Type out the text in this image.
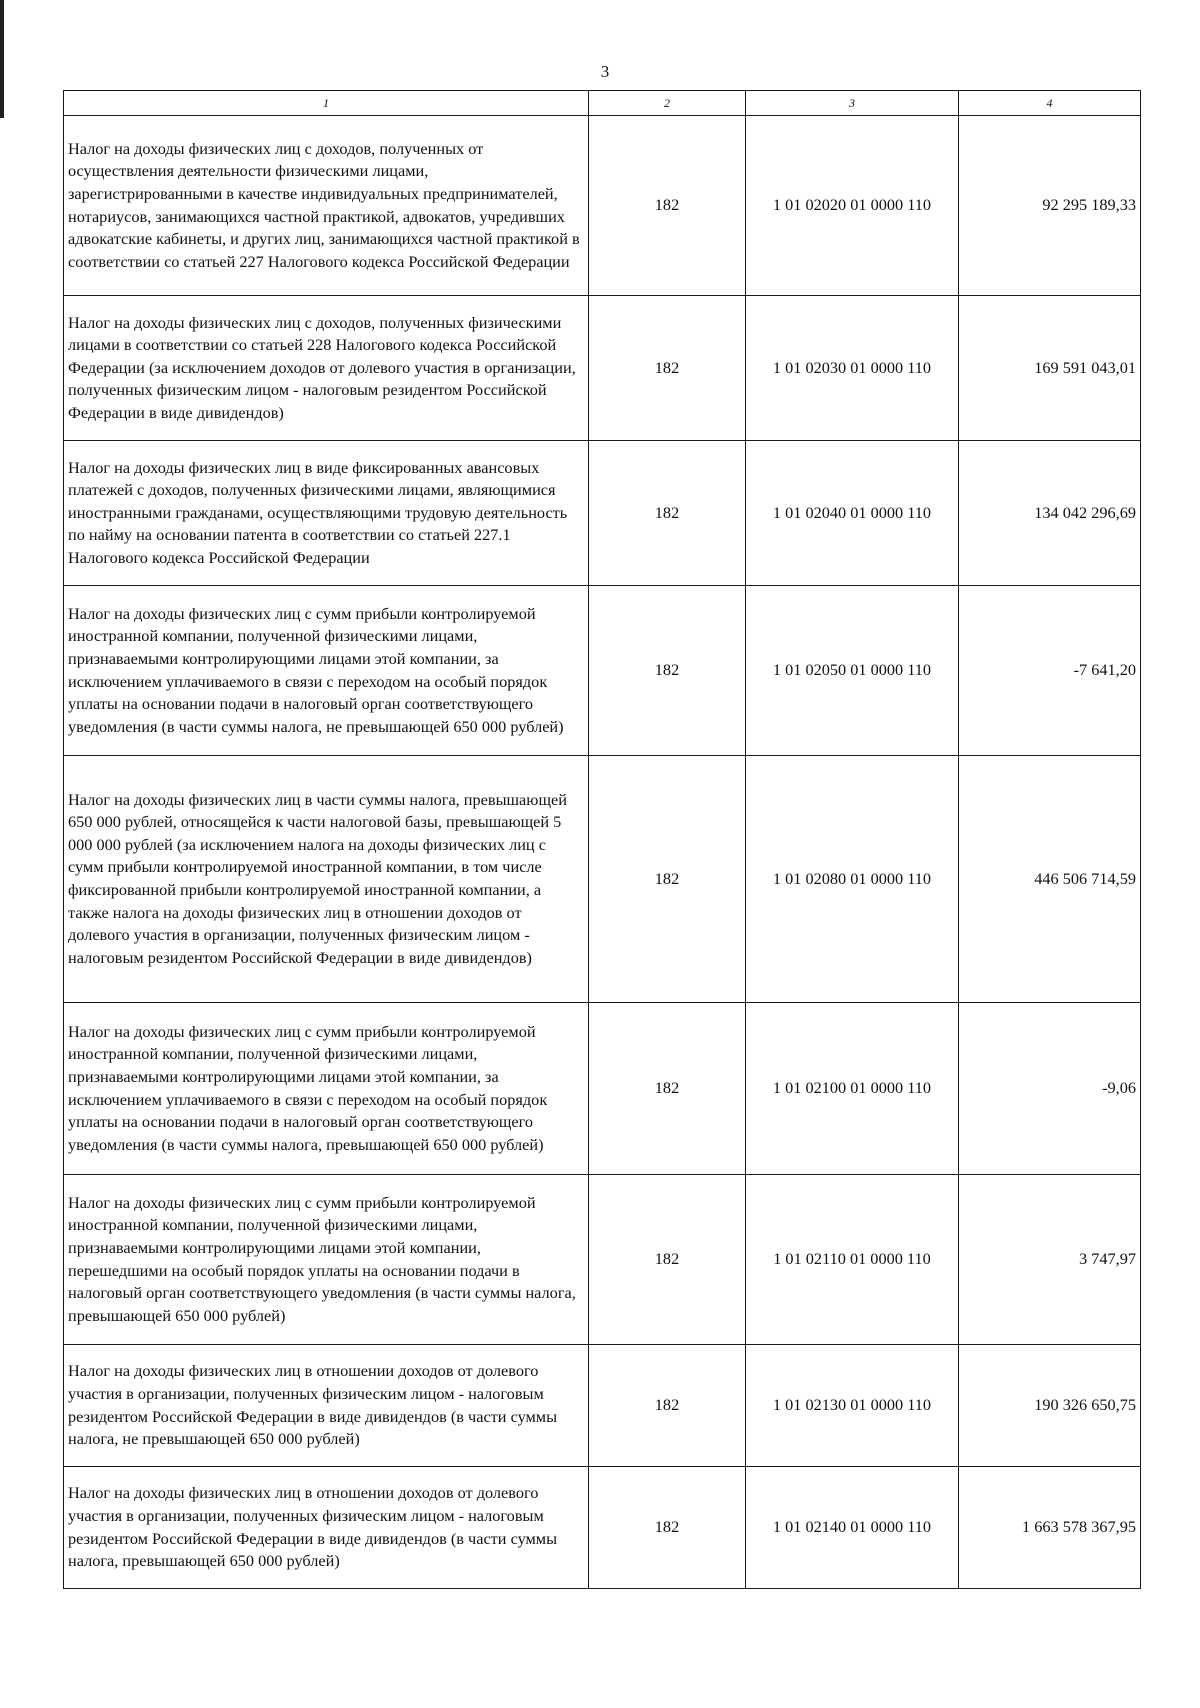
3
1	2	3	4
Налог на доходы физических лиц с доходов, полученных от осуществления деятельности физическими лицами, зарегистрированными в качестве индивидуальных предпринимателей, нотариусов, занимающихся частной практикой, адвокатов, учредивших адвокатские кабинеты, и других лиц, занимающихся частной практикой в соответствии со статьей 227 Налогового кодекса Российской Федерации	182	1 01 02020 01 0000 110	92 295 189,33
Налог на доходы физических лиц с доходов, полученных физическими лицами в соответствии со статьей 228 Налогового кодекса Российской Федерации (за исключением доходов от долевого участия в организации, полученных физическим лицом - налоговым резидентом Российской Федерации в виде дивидендов)	182	1 01 02030 01 0000 110	169 591 043,01
Налог на доходы физических лиц в виде фиксированных авансовых платежей с доходов, полученных физическими лицами, являющимися иностранными гражданами, осуществляющими трудовую деятельность по найму на основании патента в соответствии со статьей 227.1 Налогового кодекса Российской Федерации	182	1 01 02040 01 0000 110	134 042 296,69
Налог на доходы физических лиц с сумм прибыли контролируемой иностранной компании, полученной физическими лицами, признаваемыми контролирующими лицами этой компании, за исключением уплачиваемого в связи с переходом на особый порядок уплаты на основании подачи в налоговый орган соответствующего уведомления (в части суммы налога, не превышающей 650 000 рублей)	182	1 01 02050 01 0000 110	-7 641,20
Налог на доходы физических лиц в части суммы налога, превышающей 650 000 рублей, относящейся к части налоговой базы, превышающей 5 000 000 рублей (за исключением налога на доходы физических лиц с сумм прибыли контролируемой иностранной компании, в том числе фиксированной прибыли контролируемой иностранной компании, а также налога на доходы физических лиц в отношении доходов от долевого участия в организации, полученных физическим лицом - налоговым резидентом Российской Федерации в виде дивидендов)	182	1 01 02080 01 0000 110	446 506 714,59
Налог на доходы физических лиц с сумм прибыли контролируемой иностранной компании, полученной физическими лицами, признаваемыми контролирующими лицами этой компании, за исключением уплачиваемого в связи с переходом на особый порядок уплаты на основании подачи в налоговый орган соответствующего уведомления (в части суммы налога, превышающей 650 000 рублей)	182	1 01 02100 01 0000 110	-9,06
Налог на доходы физических лиц с сумм прибыли контролируемой иностранной компании, полученной физическими лицами, признаваемыми контролирующими лицами этой компании, перешедшими на особый порядок уплаты на основании подачи в налоговый орган соответствующего уведомления (в части суммы налога, превышающей 650 000 рублей)	182	1 01 02110 01 0000 110	3 747,97
Налог на доходы физических лиц в отношении доходов от долевого участия в организации, полученных физическим лицом - налоговым резидентом Российской Федерации в виде дивидендов (в части суммы налога, не превышающей 650 000 рублей)	182	1 01 02130 01 0000 110	190 326 650,75
Налог на доходы физических лиц в отношении доходов от долевого участия в организации, полученных физическим лицом - налоговым резидентом Российской Федерации в виде дивидендов (в части суммы налога, превышающей 650 000 рублей)	182	1 01 02140 01 0000 110	1 663 578 367,95
